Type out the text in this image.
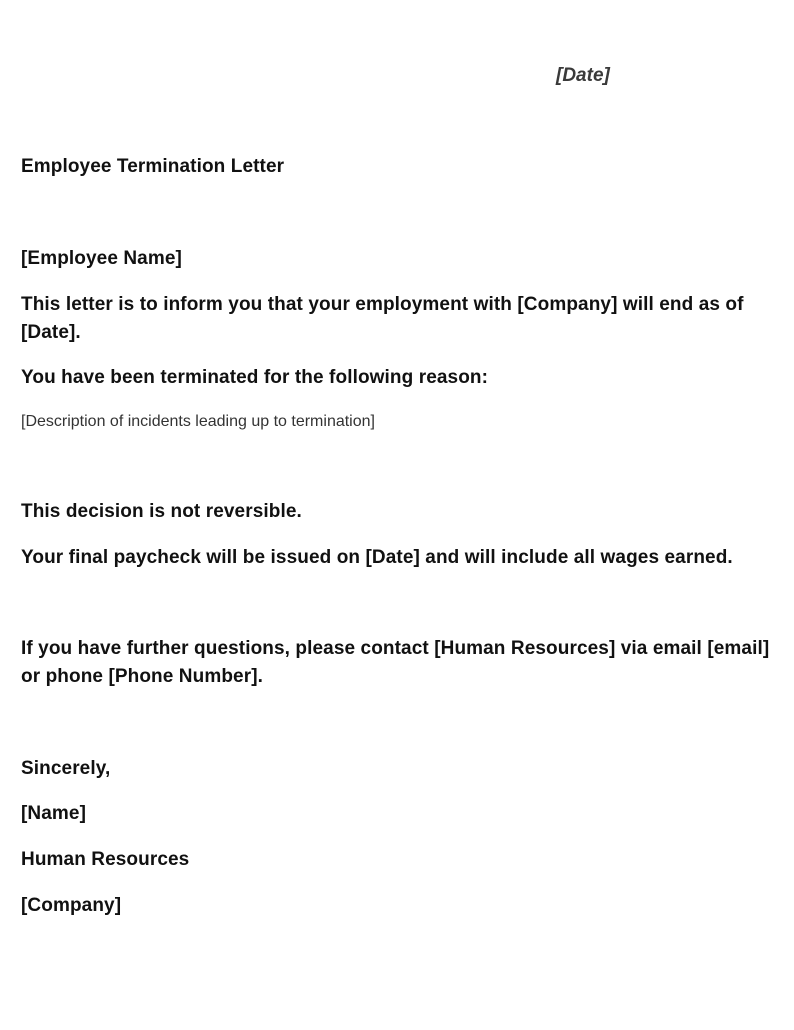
[Date]

Employee Termination Letter

[Employee Name]

This letter is to inform you that your employment with [Company] will end as of [Date].

You have been terminated for the following reason:

[Description of incidents leading up to termination]

This decision is not reversible.

Your final paycheck will be issued on [Date] and will include all wages earned.

If you have further questions, please contact [Human Resources] via email [email] or phone [Phone Number].

Sincerely,

[Name]

Human Resources

[Company]
